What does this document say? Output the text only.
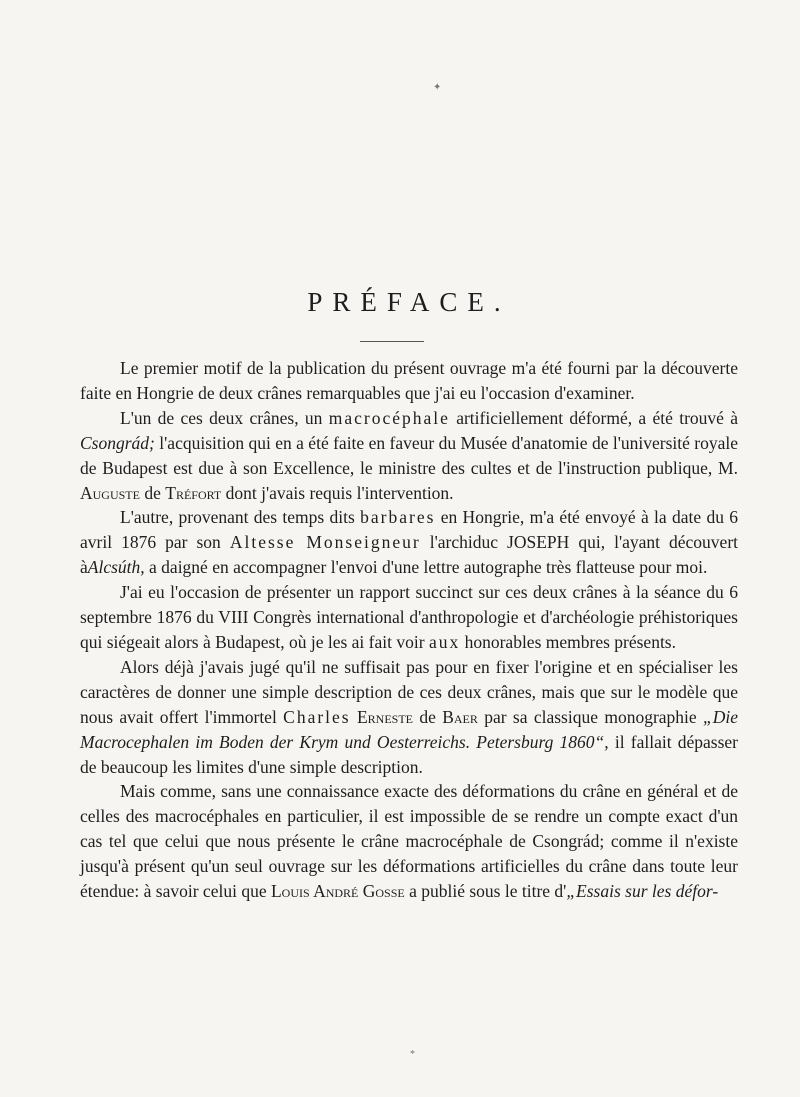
✦
PRÉFACE.

Le premier motif de la publication du présent ouvrage m'a été fourni par la découverte faite en Hongrie de deux crânes remarquables que j'ai eu l'occasion d'examiner.

L'un de ces deux crânes, un macrocéphale artificiellement déformé, a été trouvé à Csongrád; l'acquisition qui en a été faite en faveur du Musée d'anatomie de l'université royale de Budapest est due à son Excellence, le ministre des cultes et de l'instruction publique, M. Auguste de Tréfort dont j'avais requis l'intervention.

L'autre, provenant des temps dits barbares en Hongrie, m'a été envoyé à la date du 6 avril 1876 par son Altesse Monseigneur l'archiduc JOSEPH qui, l'ayant découvert àAlcsúth, a daigné en accompagner l'envoi d'une lettre autographe très flatteuse pour moi.

J'ai eu l'occasion de présenter un rapport succinct sur ces deux crânes à la séance du 6 septembre 1876 du VIII Congrès international d'anthropologie et d'archéologie préhistoriques qui siégeait alors à Budapest, où je les ai fait voir aux honorables membres présents.

Alors déjà j'avais jugé qu'il ne suffisait pas pour en fixer l'origine et en spécialiser les caractères de donner une simple description de ces deux crânes, mais que sur le modèle que nous avait offert l'immortel Charles Erneste de Baer par sa classique monographie „Die Macrocephalen im Boden der Krym und Oesterreichs. Petersburg 1860“, il fallait dépasser de beaucoup les limites d'une simple description.

Mais comme, sans une connaissance exacte des déformations du crâne en général et de celles des macrocéphales en particulier, il est impossible de se rendre un compte exact d'un cas tel que celui que nous présente le crâne macrocéphale de Csongrád; comme il n'existe jusqu'à présent qu'un seul ouvrage sur les déformations artificielles du crâne dans toute leur étendue: à savoir celui que Louis André Gosse a publié sous le titre d'„Essais sur les défor-

*
